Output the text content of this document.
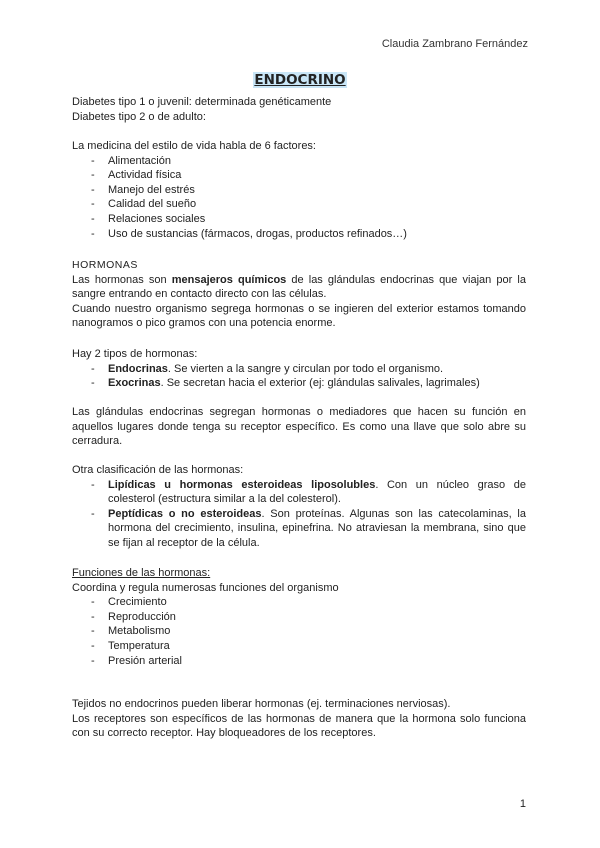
Claudia Zambrano Fernández
ENDOCRINO
Diabetes tipo 1 o juvenil: determinada genéticamente
Diabetes tipo 2 o de adulto:
La medicina del estilo de vida habla de 6 factores:
- Alimentación
- Actividad física
- Manejo del estrés
- Calidad del sueño
- Relaciones sociales
- Uso de sustancias (fármacos, drogas, productos refinados…)
HORMONAS
Las hormonas son mensajeros químicos de las glándulas endocrinas que viajan por la sangre entrando en contacto directo con las células.
Cuando nuestro organismo segrega hormonas o se ingieren del exterior estamos tomando nanogramos o pico gramos con una potencia enorme.
Hay 2 tipos de hormonas:
- Endocrinas. Se vierten a la sangre y circulan por todo el organismo.
- Exocrinas. Se secretan hacia el exterior (ej: glándulas salivales, lagrimales)
Las glándulas endocrinas segregan hormonas o mediadores que hacen su función en aquellos lugares donde tenga su receptor específico. Es como una llave que solo abre su cerradura.
Otra clasificación de las hormonas:
- Lipídicas u hormonas esteroideas liposolubles. Con un núcleo graso de colesterol (estructura similar a la del colesterol).
- Peptídicas o no esteroideas. Son proteínas. Algunas son las catecolaminas, la hormona del crecimiento, insulina, epinefrina. No atraviesan la membrana, sino que se fijan al receptor de la célula.
Funciones de las hormonas:
Coordina y regula numerosas funciones del organismo
- Crecimiento
- Reproducción
- Metabolismo
- Temperatura
- Presión arterial
Tejidos no endocrinos pueden liberar hormonas (ej. terminaciones nerviosas).
Los receptores son específicos de las hormonas de manera que la hormona solo funciona con su correcto receptor. Hay bloqueadores de los receptores.
1
